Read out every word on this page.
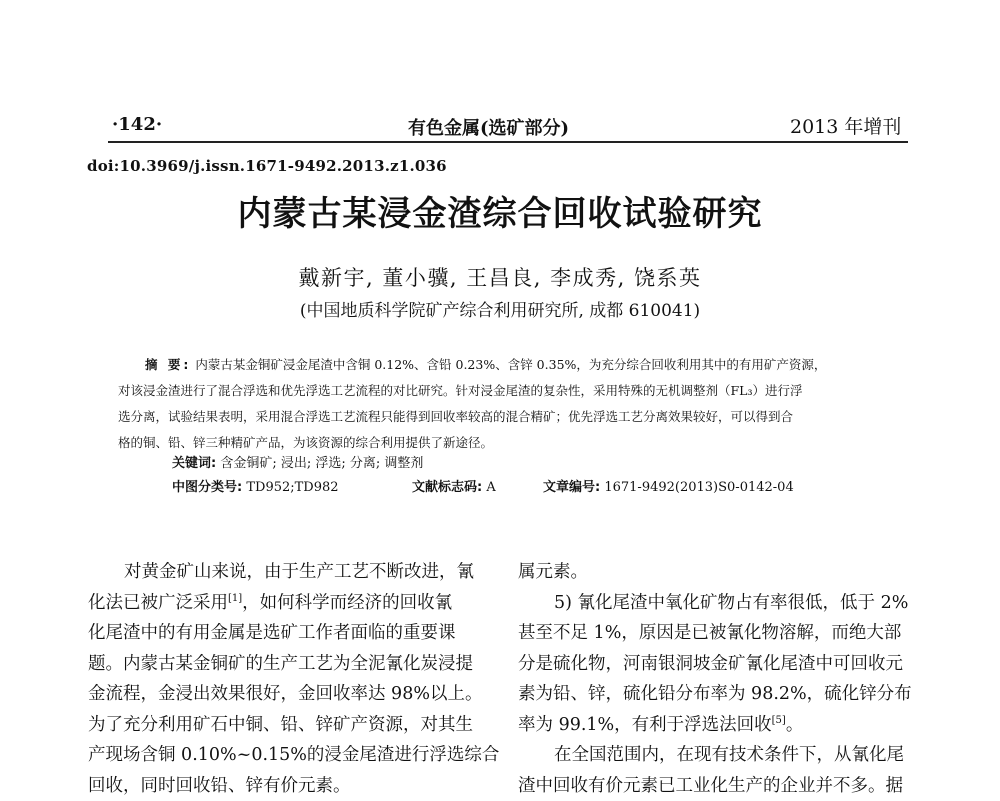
·142·	有色金属(选矿部分)	2013 年增刊
doi:10.3969/j.issn.1671-9492.2013.z1.036
内蒙古某浸金渣综合回收试验研究
戴新宇, 董小骥, 王昌良, 李成秀, 饶系英
(中国地质科学院矿产综合利用研究所, 成都 610041)
摘 要: 内蒙古某金铜矿浸金尾渣中含铜 0.12%、含铅 0.23%、含锌 0.35%，为充分综合回收利用其中的有用矿产资源，
对该浸金渣进行了混合浮选和优先浮选工艺流程的对比研究。针对浸金尾渣的复杂性，采用特殊的无机调整剂（FL₃）进行浮
选分离，试验结果表明，采用混合浮选工艺流程只能得到回收率较高的混合精矿；优先浮选工艺分离效果较好，可以得到合
格的铜、铅、锌三种精矿产品，为该资源的综合利用提供了新途径。
关键词: 含金铜矿; 浸出; 浮选; 分离; 调整剂
中图分类号: TD952;TD982	文献标志码: A	文章编号: 1671-9492(2013)S0-0142-04
对黄金矿山来说，由于生产工艺不断改进，氰
化法已被广泛采用[1]，如何科学而经济的回收氰
化尾渣中的有用金属是选矿工作者面临的重要课
题。内蒙古某金铜矿的生产工艺为全泥氰化炭浸提
金流程，金浸出效果很好，金回收率达 98%以上。
为了充分利用矿石中铜、铅、锌矿产资源，对其生
产现场含铜 0.10%~0.15%的浸金尾渣进行浮选综合
回收，同时回收铅、锌有价元素。
属元素。
5) 氰化尾渣中氧化矿物占有率很低，低于 2%
甚至不足 1%，原因是已被氰化物溶解，而绝大部
分是硫化物，河南银洞坡金矿氰化尾渣中可回收元
素为铅、锌，硫化铅分布率为 98.2%，硫化锌分布
率为 99.1%，有利于浮选法回收[5]。
在全国范围内，在现有技术条件下，从氰化尾
渣中回收有价元素已工业化生产的企业并不多。据
